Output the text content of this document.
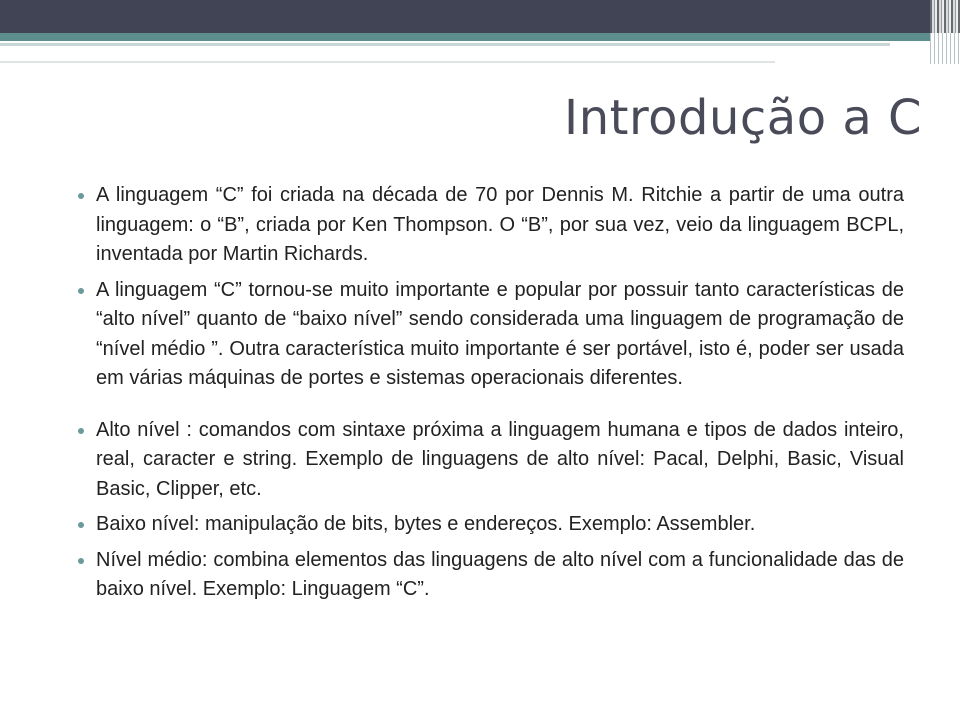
Introdução a C
A linguagem “C” foi criada na década de 70 por Dennis M. Ritchie a partir de uma outra linguagem: o “B”, criada por Ken Thompson. O “B”, por sua vez, veio da linguagem BCPL, inventada por Martin Richards.
A linguagem “C” tornou-se muito importante e popular por possuir tanto características de “alto nível” quanto de “baixo nível” sendo considerada uma linguagem de programação de “nível médio ”. Outra característica muito importante é ser portável, isto é, poder ser usada em várias máquinas de portes e sistemas operacionais diferentes.
Alto nível : comandos com sintaxe próxima a linguagem humana e tipos de dados inteiro, real, caracter e string. Exemplo de linguagens de alto nível: Pacal, Delphi, Basic, Visual Basic, Clipper, etc.
Baixo nível: manipulação de bits, bytes e endereços. Exemplo: Assembler.
Nível médio: combina elementos das linguagens de alto nível com a funcionalidade das de baixo nível. Exemplo: Linguagem “C”.
